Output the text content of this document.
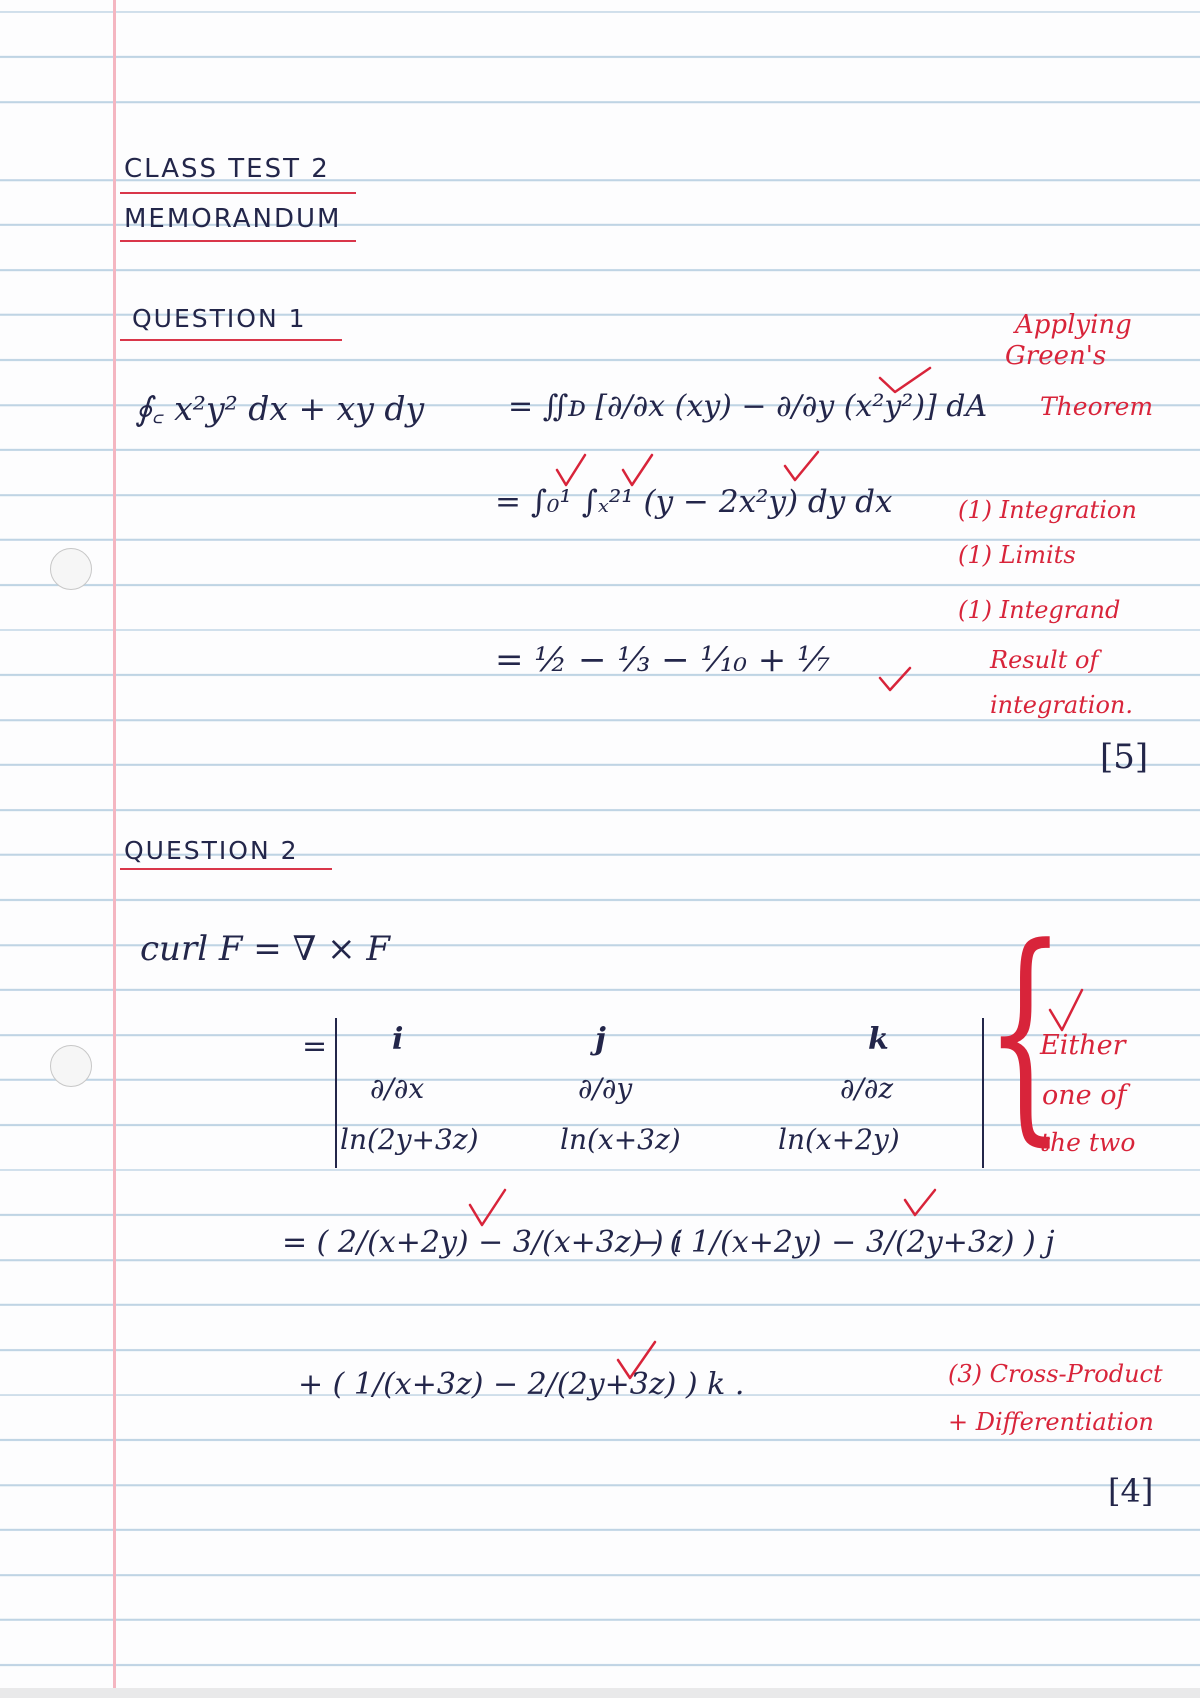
CLASS TEST 2
MEMORANDUM
QUESTION 1
∮꜀ x²y² dx + xy dy	= ∬ᴅ [∂/∂x (xy) − ∂/∂y (x²y²)] dA
= ∫₀¹ ∫ₓ²¹ (y − 2x²y) dy dx
= ½ − ⅓ − ¹⁄₁₀ + ¹⁄₇
Applying
Green's
Theorem
(1) Integration
(1) Limits
(1) Integrand
Result of
integration.
[5]
QUESTION 2
curl F = ∇ × F
= i	j	k
∂/∂x	∂/∂y	∂/∂z
ln(2y+3z)	ln(x+3z)	ln(x+2y) {
Either
one of
the two
= ( 2/(x+2y) − 3/(x+3z) ) i
− ( 1/(x+2y) − 3/(2y+3z) ) j
+ ( 1/(x+3z) − 2/(2y+3z) ) k .	(3) Cross-Product
+ Differentiation
[4]
